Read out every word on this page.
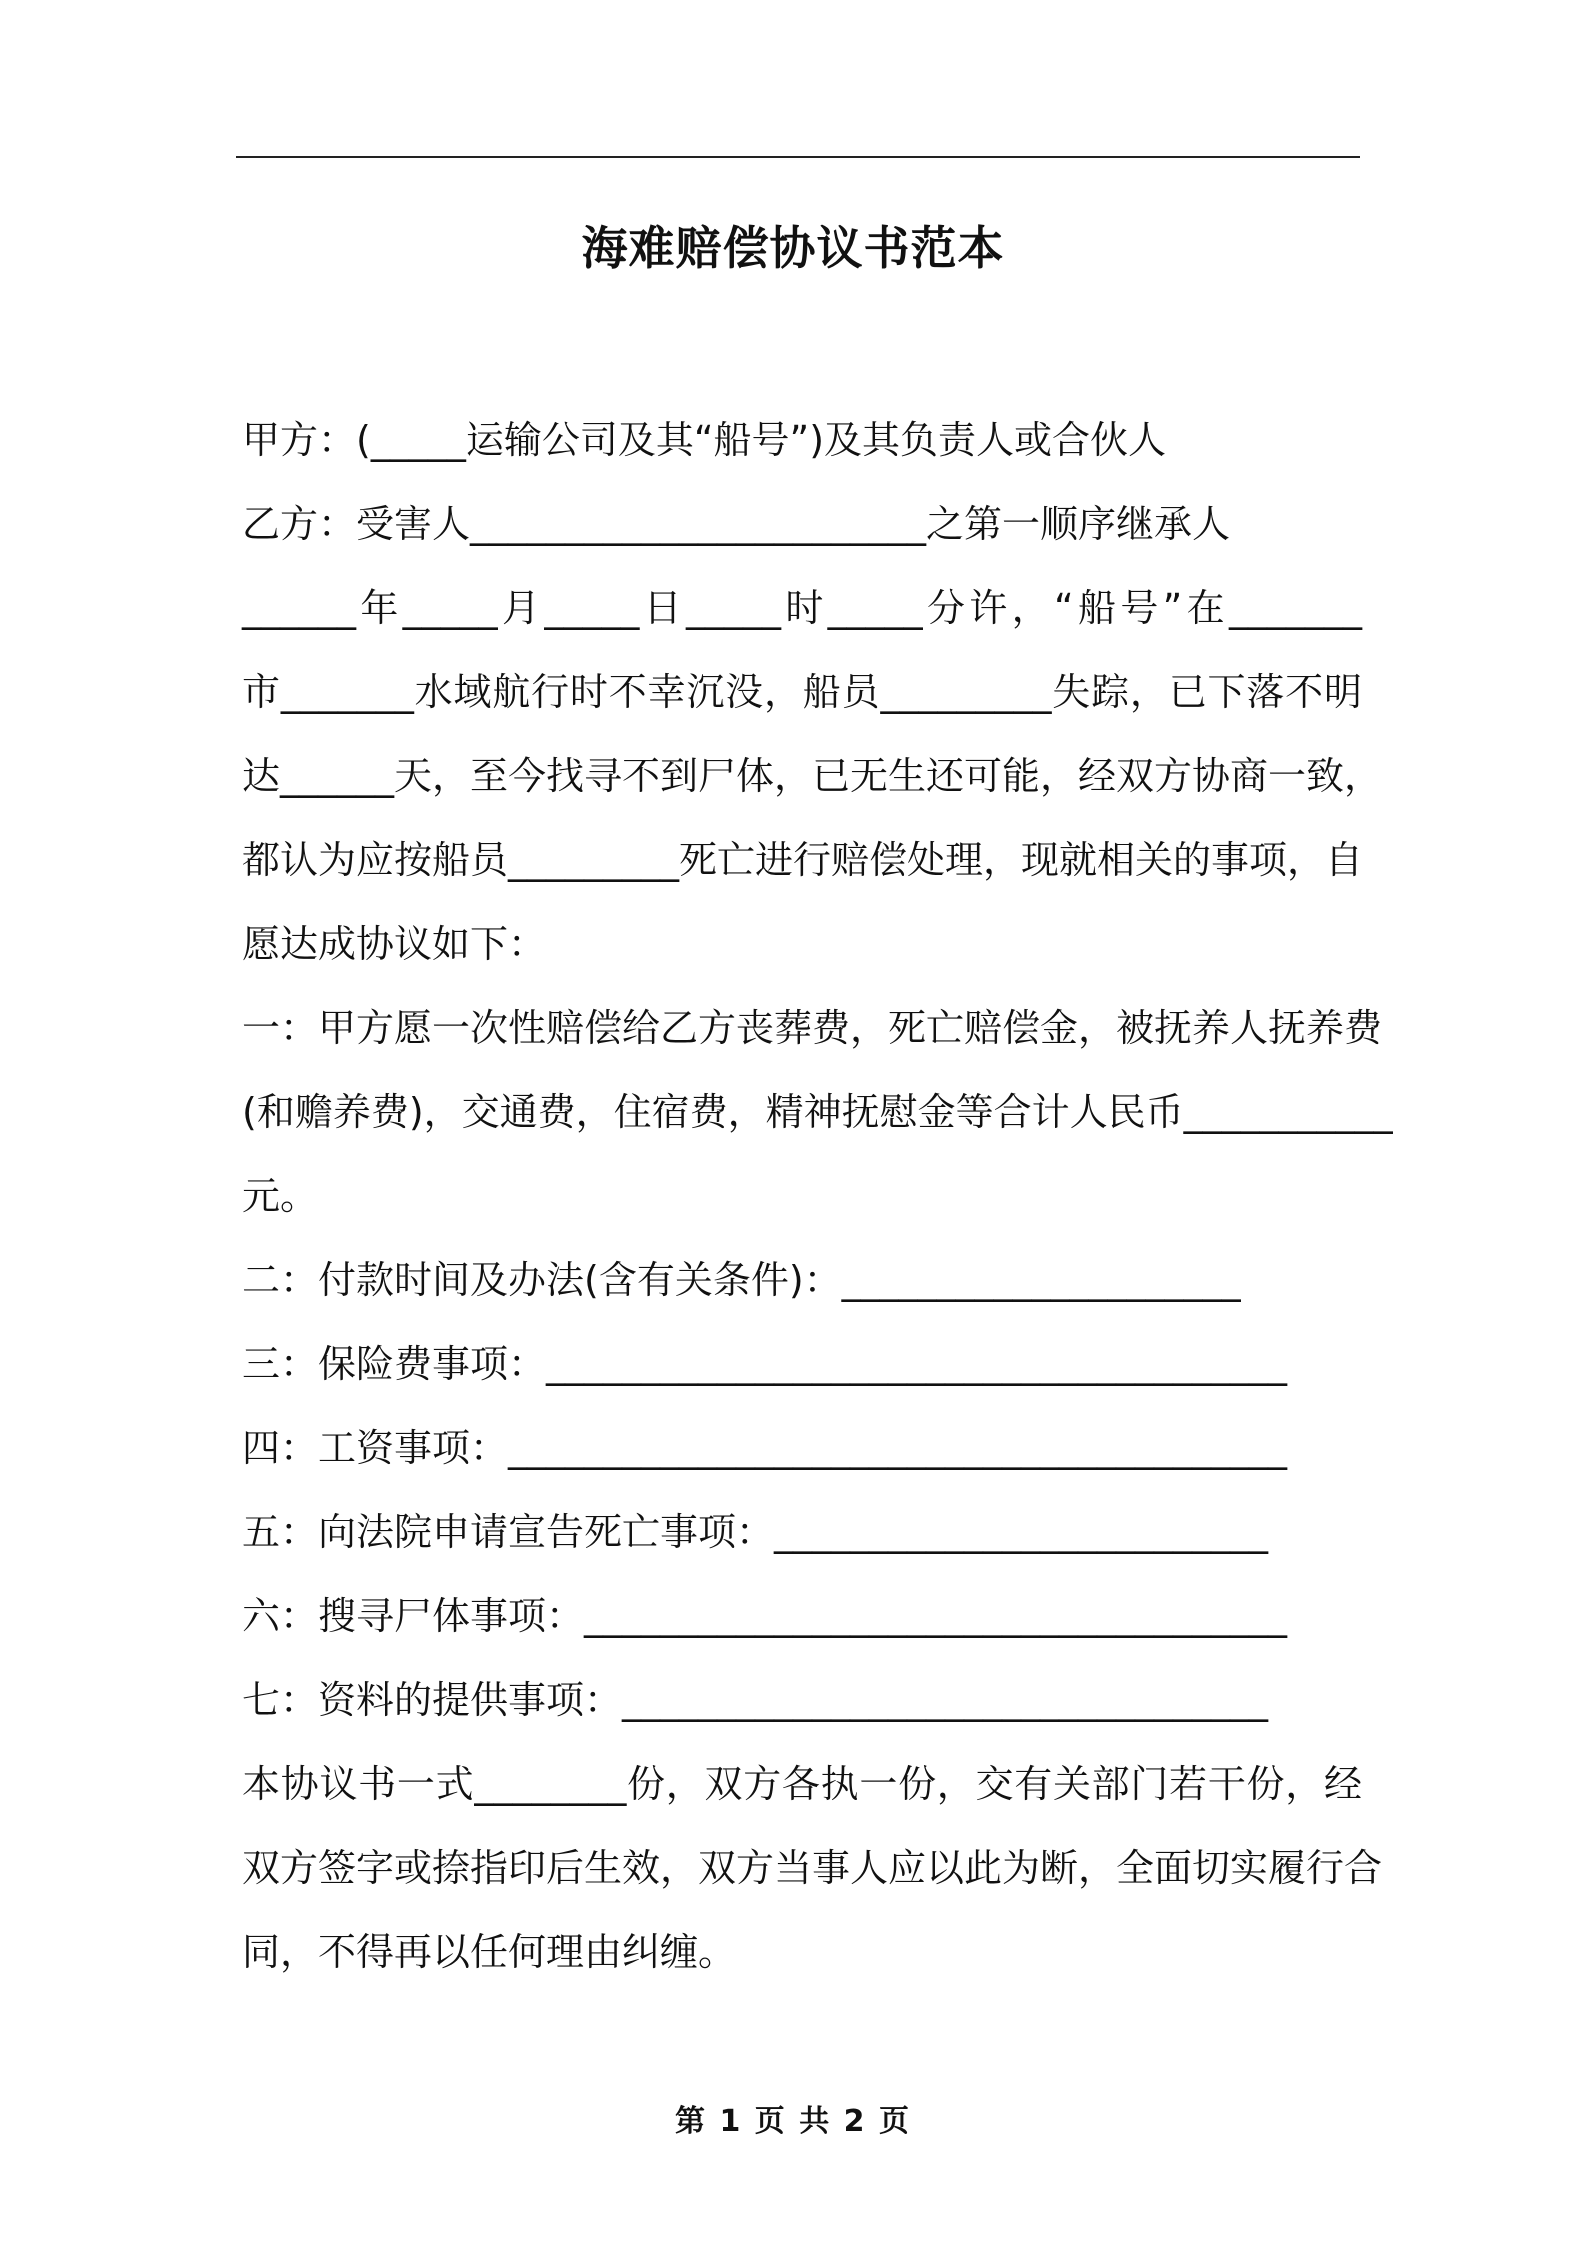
海难赔偿协议书范本
甲方：(_____运输公司及其“船号”)及其负责人或合伙人
乙方：受害人________________________之第一顺序继承人
______年_____月_____日_____时_____分许，“船号”在_______
市_______水域航行时不幸沉没，船员_________失踪，已下落不明
达______天，至今找寻不到尸体，已无生还可能，经双方协商一致，
都认为应按船员_________死亡进行赔偿处理，现就相关的事项，自
愿达成协议如下：
一：甲方愿一次性赔偿给乙方丧葬费，死亡赔偿金，被抚养人抚养费
(和赡养费)，交通费，住宿费，精神抚慰金等合计人民币___________
元。
二：付款时间及办法(含有关条件)：_____________________
三：保险费事项：_______________________________________
四：工资事项：_________________________________________
五：向法院申请宣告死亡事项：__________________________
六：搜寻尸体事项：_____________________________________
七：资料的提供事项：__________________________________
本协议书一式________份，双方各执一份，交有关部门若干份，经
双方签字或捺指印后生效，双方当事人应以此为断，全面切实履行合
同，不得再以任何理由纠缠。
第 1 页 共 2 页
